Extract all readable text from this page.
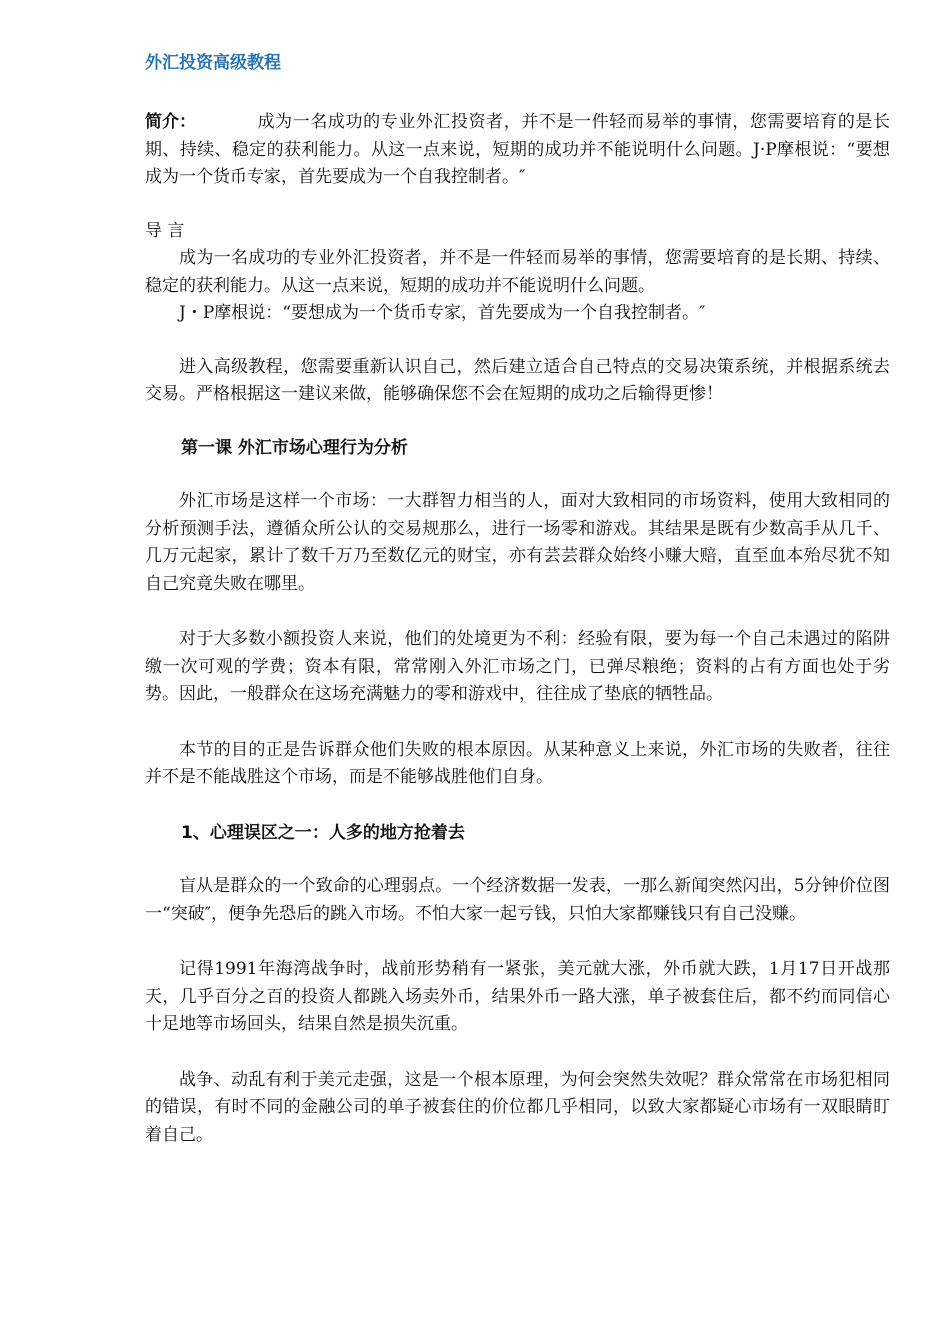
外汇投资高级教程

简介：	成为一名成功的专业外汇投资者，并不是一件轻而易举的事情，您需要培育的是长期、持续、稳定的获利能力。从这一点来说，短期的成功并不能说明什么问题。J·P摩根说：“要想成为一个货币专家，首先要成为一个自我控制者。″

导 言

成为一名成功的专业外汇投资者，并不是一件轻而易举的事情，您需要培育的是长期、持续、稳定的获利能力。从这一点来说，短期的成功并不能说明什么问题。

J・P摩根说：“要想成为一个货币专家，首先要成为一个自我控制者。″

进入高级教程，您需要重新认识自己，然后建立适合自己特点的交易决策系统，并根据系统去交易。严格根据这一建议来做，能够确保您不会在短期的成功之后输得更惨！

第一课 外汇市场心理行为分析

外汇市场是这样一个市场：一大群智力相当的人，面对大致相同的市场资料，使用大致相同的分析预测手法，遵循众所公认的交易规那么，进行一场零和游戏。其结果是既有少数高手从几千、几万元起家，累计了数千万乃至数亿元的财宝，亦有芸芸群众始终小赚大赔，直至血本殆尽犹不知自己究竟失败在哪里。

对于大多数小额投资人来说，他们的处境更为不利：经验有限，要为每一个自己未遇过的陷阱缴一次可观的学费；资本有限，常常刚入外汇市场之门，已弹尽粮绝；资料的占有方面也处于劣势。因此，一般群众在这场充满魅力的零和游戏中，往往成了垫底的牺牲品。

本节的目的正是告诉群众他们失败的根本原因。从某种意义上来说，外汇市场的失败者，往往并不是不能战胜这个市场，而是不能够战胜他们自身。

1、心理误区之一：人多的地方抢着去

盲从是群众的一个致命的心理弱点。一个经济数据一发表，一那么新闻突然闪出，5分钟价位图一“突破″，便争先恐后的跳入市场。不怕大家一起亏钱，只怕大家都赚钱只有自己没赚。

记得1991年海湾战争时，战前形势稍有一紧张，美元就大涨，外币就大跌，1月17日开战那天，几乎百分之百的投资人都跳入场卖外币，结果外币一路大涨，单子被套住后，都不约而同信心十足地等市场回头，结果自然是损失沉重。

战争、动乱有利于美元走强，这是一个根本原理，为何会突然失效呢？群众常常在市场犯相同的错误，有时不同的金融公司的单子被套住的价位都几乎相同，以致大家都疑心市场有一双眼睛盯着自己。
